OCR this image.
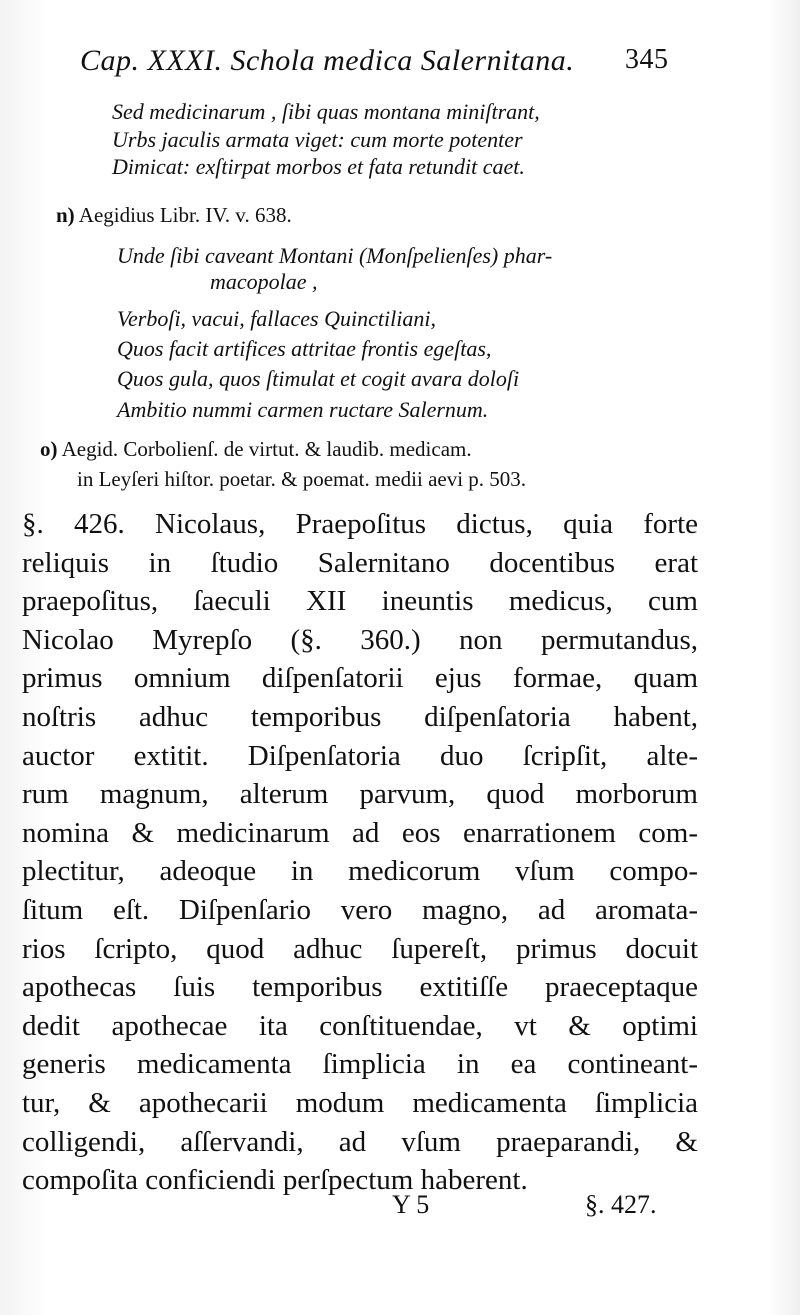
Cap. XXXI. Schola medica Salernitana. 345
Sed medicinarum , ſibi quas montana miniſtrant,
Urbs jaculis armata viget: cum morte potenter
Dimicat: exſtirpat morbos et fata retundit caet.
n) Aegidius Libr. IV. v. 638.
Unde ſibi caveant Montani (Monſpelienſes) phar-
macopolae ,
Verboſi, vacui, fallaces Quinctiliani,
Quos facit artifices attritae frontis egeſtas,
Quos gula, quos ſtimulat et cogit avara doloſi
Ambitio nummi carmen ructare Salernum.
o) Aegid. Corbolienſ. de virtut. & laudib. medicam.
in Leyſeri hiſtor. poetar. & poemat. medii aevi p. 503.
§. 426. Nicolaus, Praepoſitus dictus, quia forte
reliquis in ſtudio Salernitano docentibus erat
praepoſitus, ſaeculi XII ineuntis medicus, cum
Nicolao Myrepſo (§. 360.) non permutandus,
primus omnium diſpenſatorii ejus formae, quam
noſtris adhuc temporibus diſpenſatoria habent,
auctor extitit. Diſpenſatoria duo ſcripſit, alte-
rum magnum, alterum parvum, quod morborum
nomina & medicinarum ad eos enarrationem com-
plectitur, adeoque in medicorum vſum compo-
ſitum eſt. Diſpenſario vero magno, ad aromata-
rios ſcripto, quod adhuc ſupereſt, primus docuit
apothecas ſuis temporibus extitiſſe praeceptaque
dedit apothecae ita conſtituendae, vt & optimi
generis medicamenta ſimplicia in ea contineant-
tur, & apothecarii modum medicamenta ſimplicia
colligendi, aſſervandi, ad vſum praeparandi, &
compoſita conficiendi perſpectum haberent.
Y 5	§. 427.
